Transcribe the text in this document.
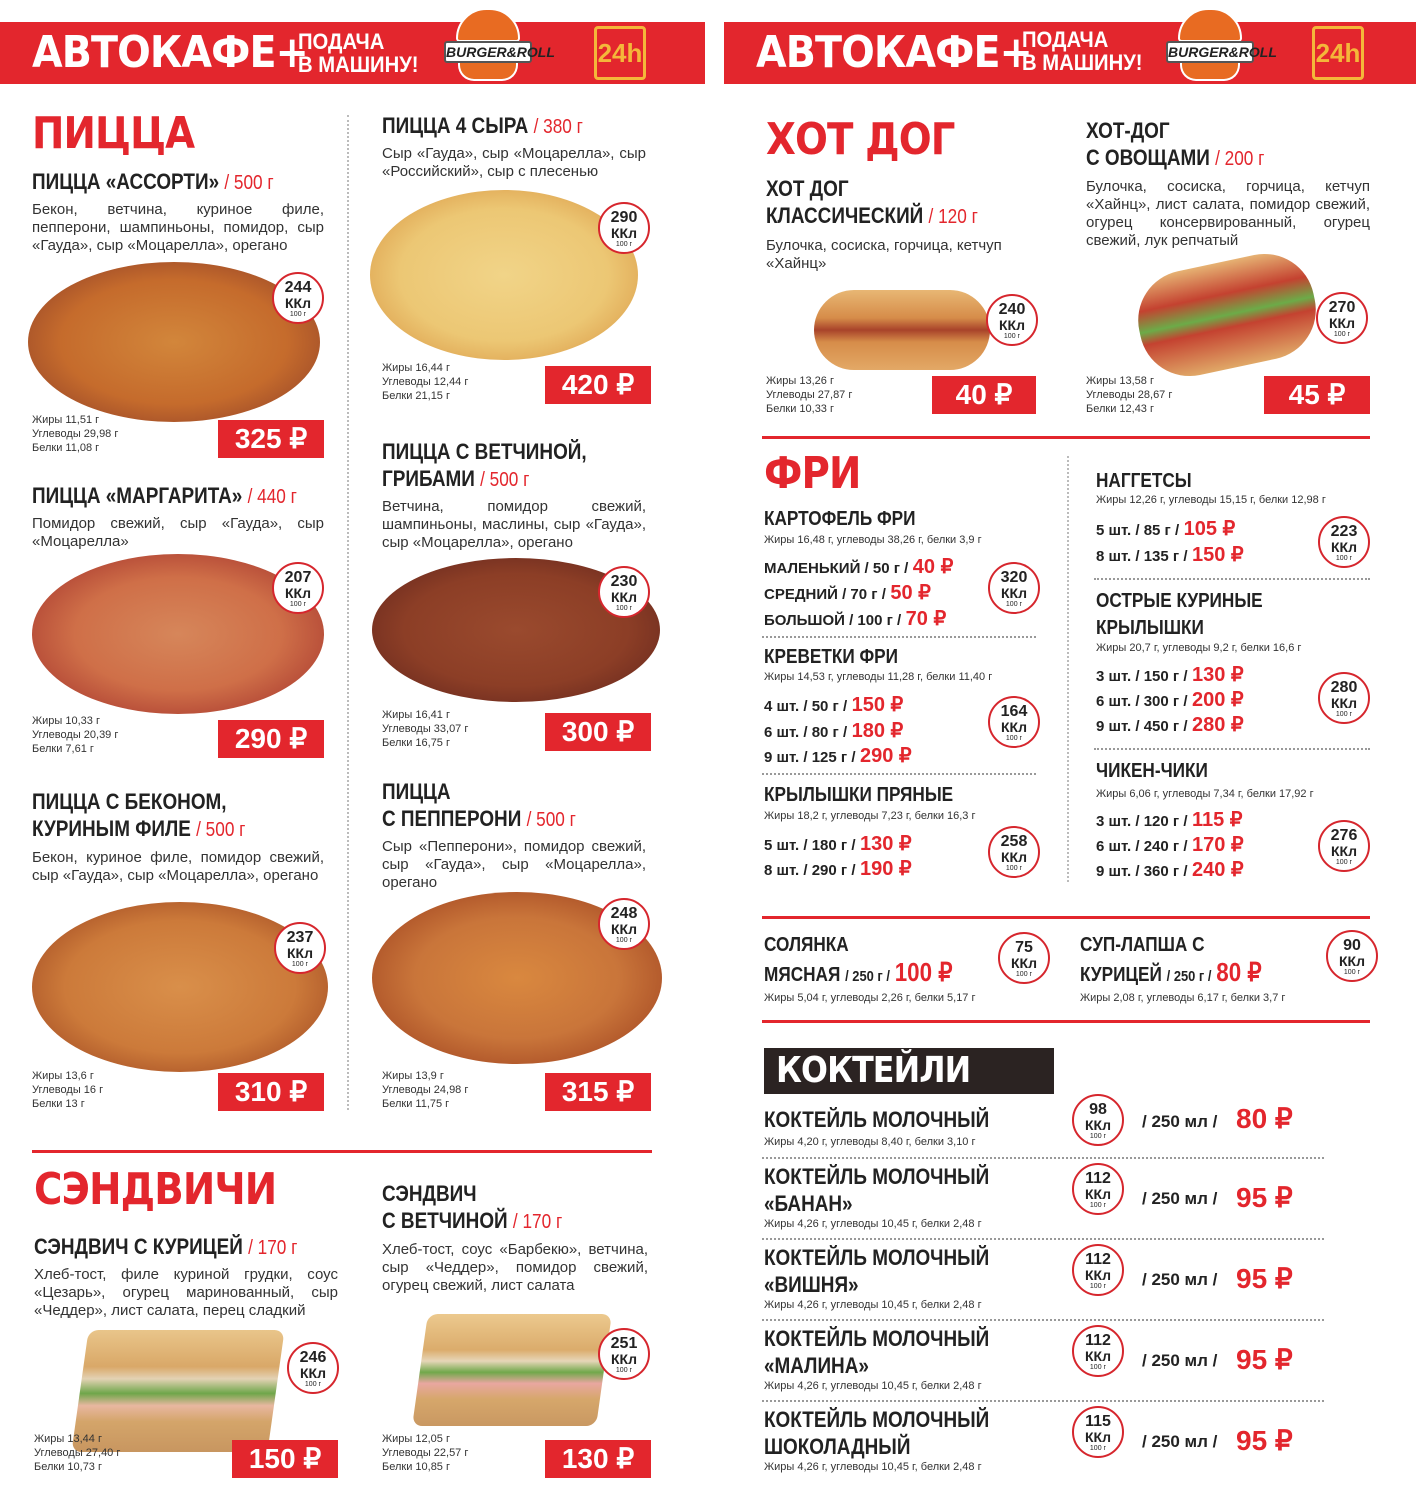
АВТОКАФЕ+
ПОДАЧА
В МАШИНУ!	24h
BURGER&ROLL	АВТОКАФЕ+
ПОДАЧА
В МАШИНУ!	24h
BURGER&ROLL
ПИЦЦА
ПИЦЦА «АССОРТИ» / 500 г
Бекон, ветчина, куриное филе, пепперони, шампиньоны, помидор, сыр «Гауда», сыр «Моцарелла», орегано
244
ККл
100 г
Жиры 11,51 г
Углеводы 29,98 г
Белки 11,08 г	325 ₽
ПИЦЦА «МАРГАРИТА» / 440 г
Помидор свежий, сыр «Гауда», сыр «Моцарелла»
207
ККл
100 г
Жиры 10,33 г
Углеводы 20,39 г
Белки 7,61 г	290 ₽
ПИЦЦА С БЕКОНОМ,
КУРИНЫМ ФИЛЕ / 500 г
Бекон, куриное филе, помидор свежий, сыр «Гауда», сыр «Моцарелла», орегано
237
ККл
100 г
Жиры 13,6 г
Углеводы 16 г
Белки 13 г	310 ₽
ПИЦЦА 4 СЫРА / 380 г
Сыр «Гауда», сыр «Моцарелла», сыр «Российский», сыр с плесенью
290
ККл
100 г
Жиры 16,44 г
Углеводы 12,44 г
Белки 21,15 г	420 ₽
ПИЦЦА С ВЕТЧИНОЙ,
ГРИБАМИ / 500 г
Ветчина, помидор свежий, шампиньоны, маслины, сыр «Гауда», сыр «Моцарелла», орегано
230
ККл
100 г
Жиры 16,41 г
Углеводы 33,07 г
Белки 16,75 г	300 ₽
ПИЦЦА
С ПЕППЕРОНИ / 500 г
Сыр «Пепперони», помидор свежий, сыр «Гауда», сыр «Моцарелла», орегано
248
ККл
100 г
Жиры 13,9 г
Углеводы 24,98 г
Белки 11,75 г	315 ₽
СЭНДВИЧИ
СЭНДВИЧ С КУРИЦЕЙ / 170 г
Хлеб-тост, филе куриной грудки, соус «Цезарь», огурец маринованный, сыр «Чеддер», лист салата, перец сладкий
246
ККл
100 г
Жиры 13,44 г
Углеводы 27,40 г
Белки 10,73 г	150 ₽
СЭНДВИЧ
С ВЕТЧИНОЙ / 170 г
Хлеб-тост, соус «Барбекю», ветчина, сыр «Чеддер», помидор свежий, огурец свежий, лист салата
251
ККл
100 г
Жиры 12,05 г
Углеводы 22,57 г
Белки 10,85 г	130 ₽
ХОТ ДОГ
ХОТ ДОГ
КЛАССИЧЕСКИЙ / 120 г
Булочка, сосиска, горчица, кетчуп «Хайнц»
240
ККл
100 г
Жиры 13,26 г
Углеводы 27,87 г
Белки 10,33 г	40 ₽
ХОТ-ДОГ
С ОВОЩАМИ / 200 г
Булочка, сосиска, горчица, кетчуп «Хайнц», лист салата, помидор свежий, огурец консервированный, огурец свежий, лук репчатый
270
ККл
100 г
Жиры 13,58 г
Углеводы 28,67 г
Белки 12,43 г	45 ₽
ФРИ
КАРТОФЕЛЬ ФРИ
Жиры 16,48 г, углеводы 38,26 г, белки 3,9 г
МАЛЕНЬКИЙ / 50 г / 40 ₽
СРЕДНИЙ / 70 г / 50 ₽
БОЛЬШОЙ / 100 г / 70 ₽
320
ККл
100 г
КРЕВЕТКИ ФРИ
Жиры 14,53 г, углеводы 11,28 г, белки 11,40 г
4 шт. / 50 г / 150 ₽
6 шт. / 80 г / 180 ₽
9 шт. / 125 г / 290 ₽
164
ККл
100 г
КРЫЛЫШКИ ПРЯНЫЕ
Жиры 18,2 г, углеводы 7,23 г, белки 16,3 г
5 шт. / 180 г / 130 ₽
8 шт. / 290 г / 190 ₽
258
ККл
100 г
НАГГЕТСЫ
Жиры 12,26 г, углеводы 15,15 г, белки 12,98 г
5 шт. / 85 г / 105 ₽
8 шт. / 135 г / 150 ₽
223
ККл
100 г
ОСТРЫЕ КУРИНЫЕ
КРЫЛЫШКИ
Жиры 20,7 г, углеводы 9,2 г, белки 16,6 г
3 шт. / 150 г / 130 ₽
6 шт. / 300 г / 200 ₽
9 шт. / 450 г / 280 ₽
280
ККл
100 г
ЧИКЕН-ЧИКИ
Жиры 6,06 г, углеводы 7,34 г, белки 17,92 г
3 шт. / 120 г / 115 ₽
6 шт. / 240 г / 170 ₽
9 шт. / 360 г / 240 ₽
276
ККл
100 г
СОЛЯНКА
МЯСНАЯ / 250 г / 100 ₽
75
ККл
100 г
Жиры 5,04 г, углеводы 2,26 г, белки 5,17 г
СУП-ЛАПША С
КУРИЦЕЙ / 250 г / 80 ₽
90
ККл
100 г
Жиры 2,08 г, углеводы 6,17 г, белки 3,7 г
КОКТЕЙЛИ
КОКТЕЙЛЬ МОЛОЧНЫЙ
Жиры 4,20 г, углеводы 8,40 г, белки 3,10 г
98
ККл
100 г
/ 250 мл / 80 ₽
КОКТЕЙЛЬ МОЛОЧНЫЙ
«БАНАН»
Жиры 4,26 г, углеводы 10,45 г, белки 2,48 г
112
ККл
100 г	/ 250 мл / 95 ₽
КОКТЕЙЛЬ МОЛОЧНЫЙ
«ВИШНЯ»
Жиры 4,26 г, углеводы 10,45 г, белки 2,48 г
112
ККл
100 г	/ 250 мл / 95 ₽
КОКТЕЙЛЬ МОЛОЧНЫЙ
«МАЛИНА»
Жиры 4,26 г, углеводы 10,45 г, белки 2,48 г
112
ККл
100 г	/ 250 мл / 95 ₽
КОКТЕЙЛЬ МОЛОЧНЫЙ
ШОКОЛАДНЫЙ
Жиры 4,26 г, углеводы 10,45 г, белки 2,48 г
115
ККл
100 г	/ 250 мл / 95 ₽
